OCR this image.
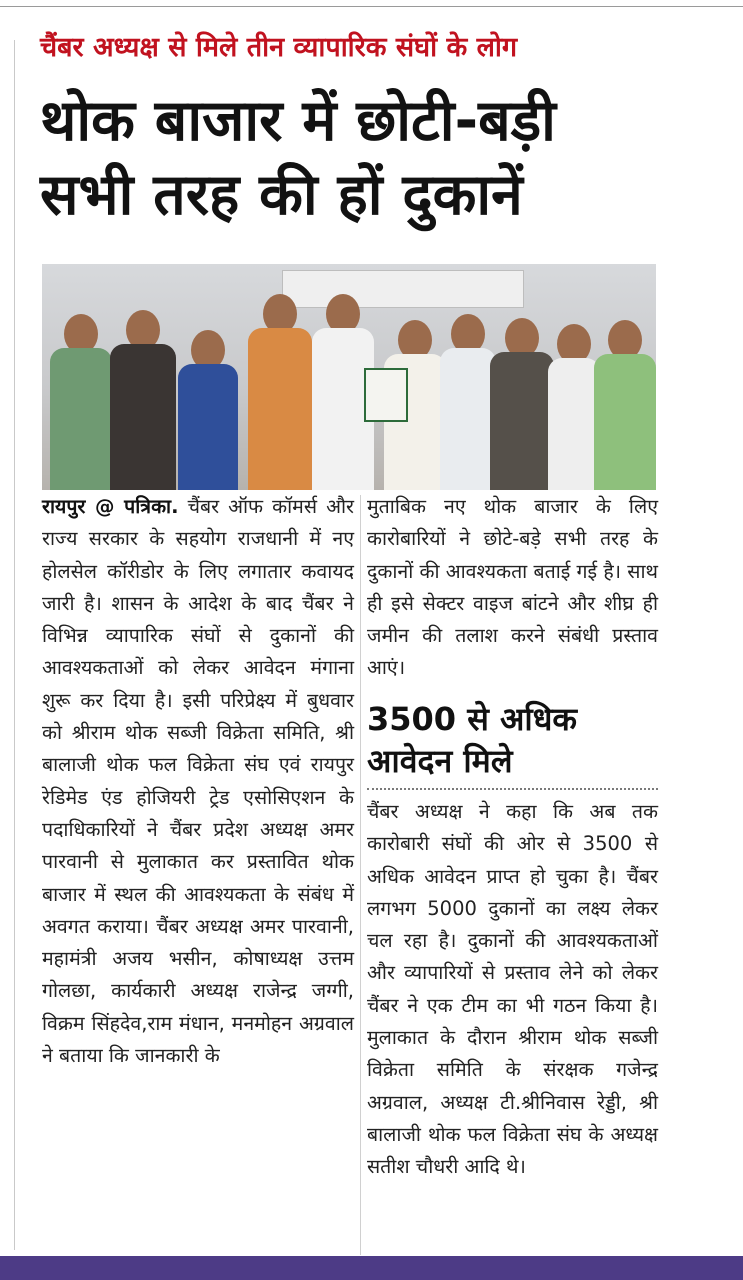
चैंबर अध्यक्ष से मिले तीन व्यापारिक संघों के लोग
थोक बाजार में छोटी-बड़ी सभी तरह की हों दुकानें
रायपुर @ पत्रिका. चैंबर ऑफ कॉमर्स और राज्य सरकार के सहयोग राजधानी में नए होलसेल कॉरीडोर के लिए लगातार कवायद जारी है। शासन के आदेश के बाद चैंबर ने विभिन्न व्यापारिक संघों से दुकानों की आवश्यकताओं को लेकर आवेदन मंगाना शुरू कर दिया है। इसी परिप्रेक्ष्य में बुधवार को श्रीराम थोक सब्जी विक्रेता समिति, श्री बालाजी थोक फल विक्रेता संघ एवं रायपुर रेडिमेड एंड होजियरी ट्रेड एसोसिएशन के पदाधिकारियों ने चैंबर प्रदेश अध्यक्ष अमर पारवानी से मुलाकात कर प्रस्तावित थोक बाजार में स्थल की आवश्यकता के संबंध में अवगत कराया। चैंबर अध्यक्ष अमर पारवानी, महामंत्री अजय भसीन, कोषाध्यक्ष उत्तम गोलछा, कार्यकारी अध्यक्ष राजेन्द्र जग्गी, विक्रम सिंहदेव,राम मंधान, मनमोहन अग्रवाल ने बताया कि जानकारी के
मुताबिक नए थोक बाजार के लिए कारोबारियों ने छोटे-बड़े सभी तरह के दुकानों की आवश्यकता बताई गई है। साथ ही इसे सेक्टर वाइज बांटने और शीघ्र ही जमीन की तलाश करने संबंधी प्रस्ताव आएं।
3500 से अधिक आवेदन मिले
चैंबर अध्यक्ष ने कहा कि अब तक कारोबारी संघों की ओर से 3500 से अधिक आवेदन प्राप्त हो चुका है। चैंबर लगभग 5000 दुकानों का लक्ष्य लेकर चल रहा है। दुकानों की आवश्यकताओं और व्यापारियों से प्रस्ताव लेने को लेकर चैंबर ने एक टीम का भी गठन किया है। मुलाकात के दौरान श्रीराम थोक सब्जी विक्रेता समिति के संरक्षक गजेन्द्र अग्रवाल, अध्यक्ष टी.श्रीनिवास रेड्डी, श्री बालाजी थोक फल विक्रेता संघ के अध्यक्ष सतीश चौधरी आदि थे।
